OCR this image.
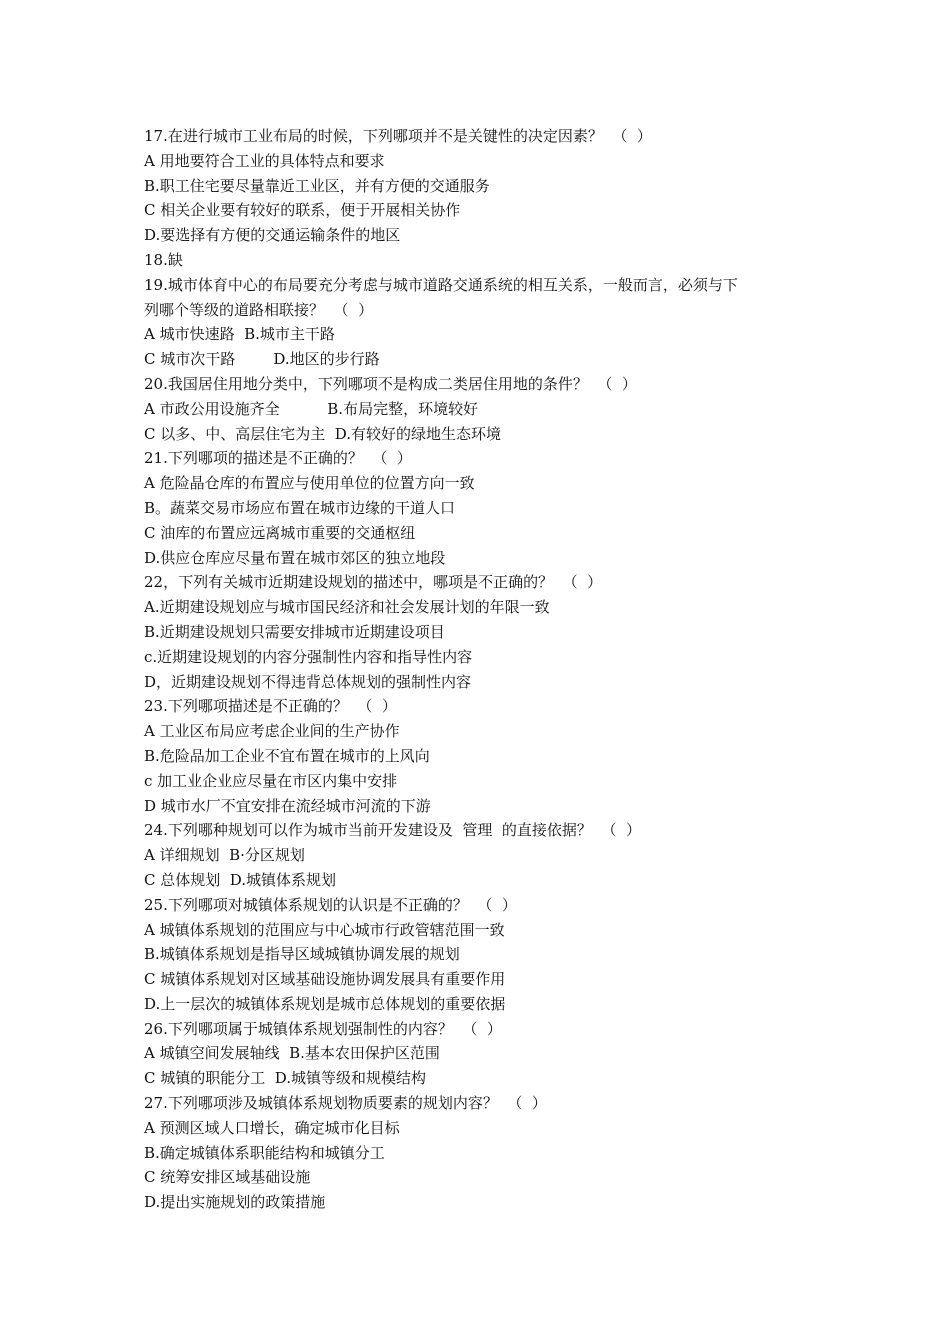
17.在进行城市工业布局的时候，下列哪项并不是关键性的决定因素？  （  ）
A 用地要符合工业的具体特点和要求
B.职工住宅要尽量靠近工业区，并有方便的交通服务
C 相关企业要有较好的联系，便于开展相关协作
D.要选择有方便的交通运输条件的地区
18.缺
19.城市体育中心的布局要充分考虑与城市道路交通系统的相互关系，一般而言，必须与下
列哪个等级的道路相联接？  （  ）
A 城市快速路  B.城市主干路
C 城市次干路        D.地区的步行路
20.我国居住用地分类中，下列哪项不是构成二类居住用地的条件？  （  ）
A 市政公用设施齐全          B.布局完整，环境较好
C 以多、中、高层住宅为主  D.有较好的绿地生态环境
21.下列哪项的描述是不正确的？  （  ）
A 危险晶仓库的布置应与使用单位的位置方向一致
B。蔬菜交易市场应布置在城市边缘的干道人口
C 油库的布置应远离城市重要的交通枢纽
D.供应仓库应尽量布置在城市郊区的独立地段
22，下列有关城市近期建设规划的描述中，哪项是不正确的？  （  ）
A.近期建设规划应与城市国民经济和社会发展计划的年限一致
B.近期建设规划只需要安排城市近期建设项目
c.近期建设规划的内容分强制性内容和指导性内容
D，近期建设规划不得违背总体规划的强制性内容
23.下列哪项描述是不正确的？  （  ）
A 工业区布局应考虑企业间的生产协作
B.危险品加工企业不宜布置在城市的上风向
c 加工业企业应尽量在市区内集中安排
D 城市水厂不宜安排在流经城市河流的下游
24.下列哪种规划可以作为城市当前开发建设及  管理  的直接依据？  （  ）
A 详细规划  B·分区规划
C 总体规划  D.城镇体系规划
25.下列哪项对城镇体系规划的认识是不正确的？  （  ）
A 城镇体系规划的范围应与中心城市行政管辖范围一致
B.城镇体系规划是指导区域城镇协调发展的规划
C 城镇体系规划对区域基础设施协调发展具有重要作用
D.上一层次的城镇体系规划是城市总体规划的重要依据
26.下列哪项属于城镇体系规划强制性的内容？  （  ）
A 城镇空间发展轴线  B.基本农田保护区范围
C 城镇的职能分工  D.城镇等级和规模结构
27.下列哪项涉及城镇体系规划物质要素的规划内容？  （  ）
A 预测区域人口增长，确定城市化目标
B.确定城镇体系职能结构和城镇分工
C 统筹安排区域基础设施
D.提出实施规划的政策措施
